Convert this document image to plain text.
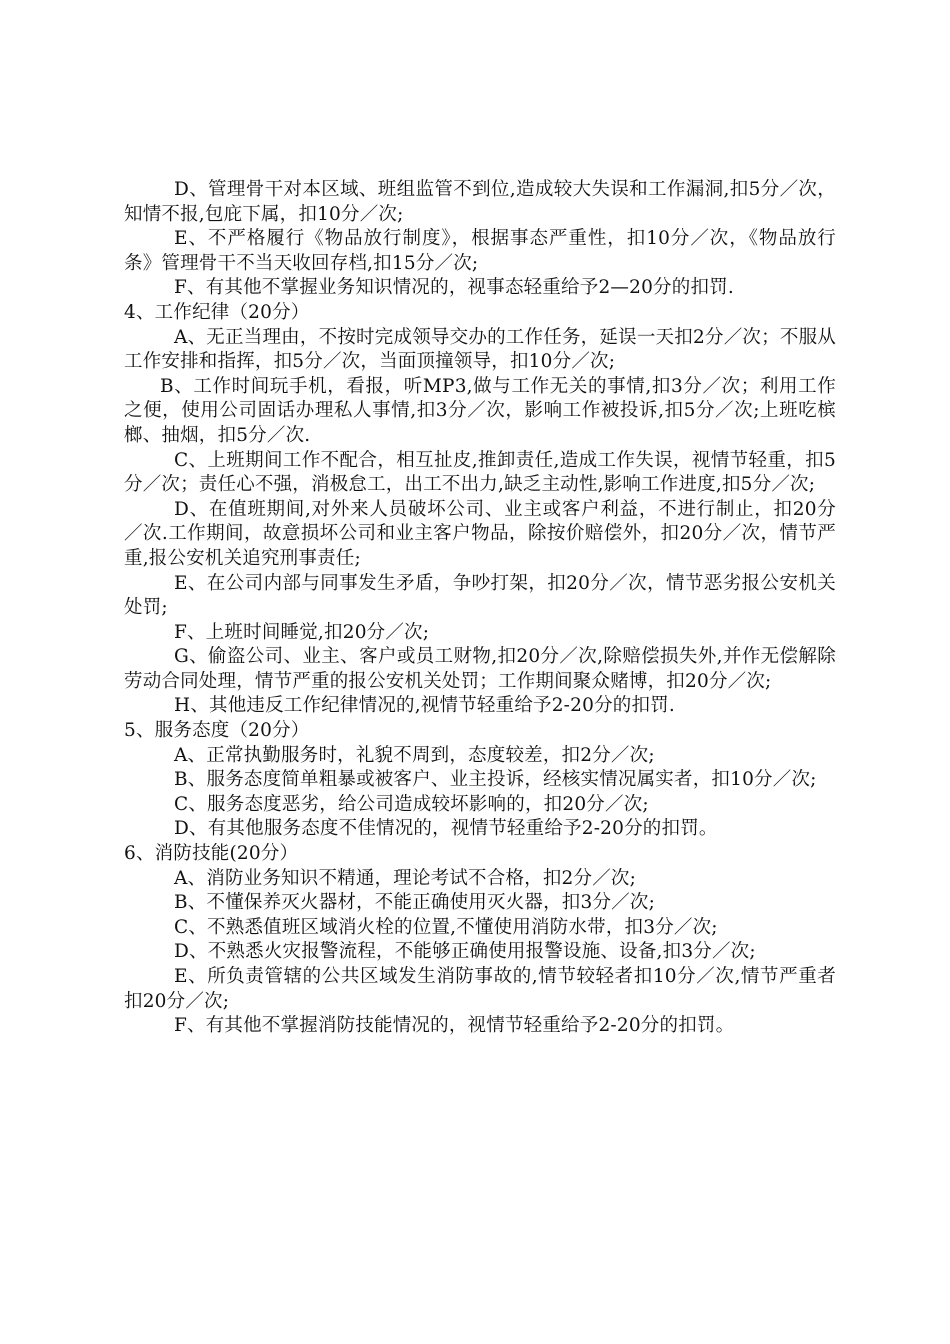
D、管理骨干对本区域、班组监管不到位,造成较大失误和工作漏洞,扣5分／次，知情不报,包庇下属，扣10分／次;

E、不严格履行《物品放行制度》，根据事态严重性，扣10分／次，《物品放行条》管理骨干不当天收回存档,扣15分／次;

F、有其他不掌握业务知识情况的，视事态轻重给予2—20分的扣罚.

4、工作纪律（20分）

A、无正当理由，不按时完成领导交办的工作任务，延误一天扣2分／次；不服从工作安排和指挥，扣5分／次，当面顶撞领导，扣10分／次;

B、工作时间玩手机，看报，听MP3,做与工作无关的事情,扣3分／次；利用工作之便，使用公司固话办理私人事情,扣3分／次，影响工作被投诉,扣5分／次;上班吃槟榔、抽烟，扣5分／次.

C、上班期间工作不配合，相互扯皮,推卸责任,造成工作失误，视情节轻重，扣5分／次；责任心不强，消极怠工，出工不出力,缺乏主动性,影响工作进度,扣5分／次;

D、在值班期间,对外来人员破坏公司、业主或客户利益，不进行制止，扣20分／次.工作期间，故意损坏公司和业主客户物品，除按价赔偿外，扣20分／次，情节严重,报公安机关追究刑事责任;

E、在公司内部与同事发生矛盾，争吵打架，扣20分／次，情节恶劣报公安机关处罚;

F、上班时间睡觉,扣20分／次;

G、偷盗公司、业主、客户或员工财物,扣20分／次,除赔偿损失外,并作无偿解除劳动合同处理，情节严重的报公安机关处罚；工作期间聚众赌博，扣20分／次;

H、其他违反工作纪律情况的,视情节轻重给予2-20分的扣罚.

5、服务态度（20分）

A、正常执勤服务时，礼貌不周到，态度较差，扣2分／次;

B、服务态度简单粗暴或被客户、业主投诉，经核实情况属实者，扣10分／次;

C、服务态度恶劣，给公司造成较坏影响的，扣20分／次;

D、有其他服务态度不佳情况的，视情节轻重给予2-20分的扣罚。

6、消防技能(20分）

A、消防业务知识不精通，理论考试不合格，扣2分／次;

B、不懂保养灭火器材，不能正确使用灭火器，扣3分／次;

C、不熟悉值班区域消火栓的位置,不懂使用消防水带，扣3分／次;

D、不熟悉火灾报警流程，不能够正确使用报警设施、设备,扣3分／次;

E、所负责管辖的公共区域发生消防事故的,情节较轻者扣10分／次,情节严重者扣20分／次;

F、有其他不掌握消防技能情况的，视情节轻重给予2-20分的扣罚。
